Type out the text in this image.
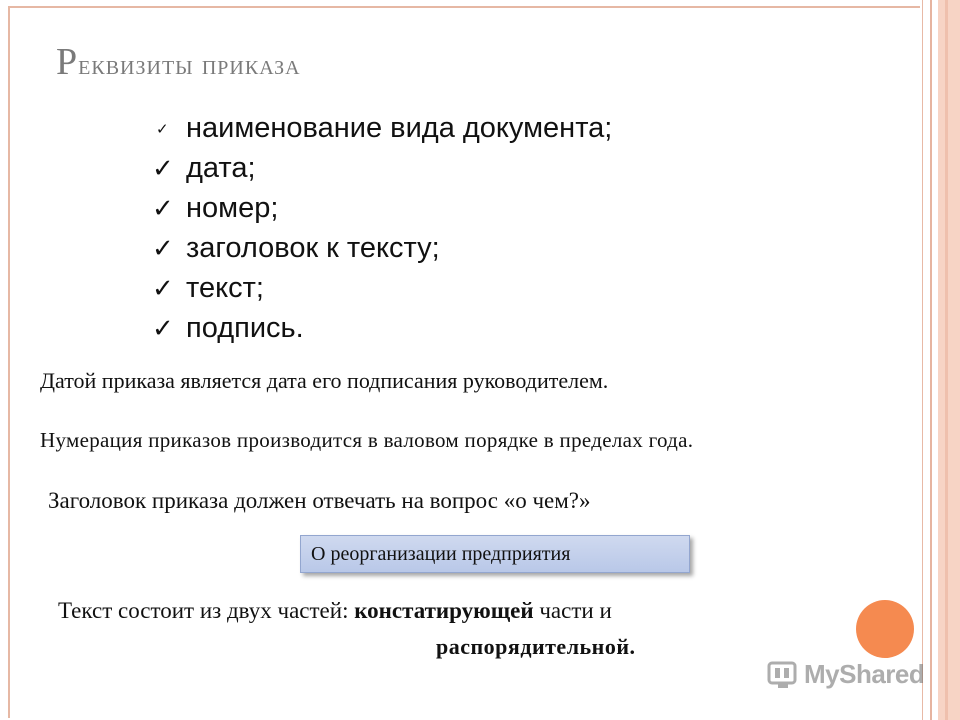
Реквизиты приказа
✓ наименование вида документа;
✓ дата;
✓ номер;
✓ заголовок к тексту;
✓ текст;
✓ подпись.
Датой приказа является дата его подписания руководителем.
Нумерация приказов производится в валовом порядке в пределах года.
Заголовок приказа должен отвечать на вопрос «о чем?»
О реорганизации предприятия
Текст состоит из двух частей: констатирующей части и
распорядительной.
MyShared
